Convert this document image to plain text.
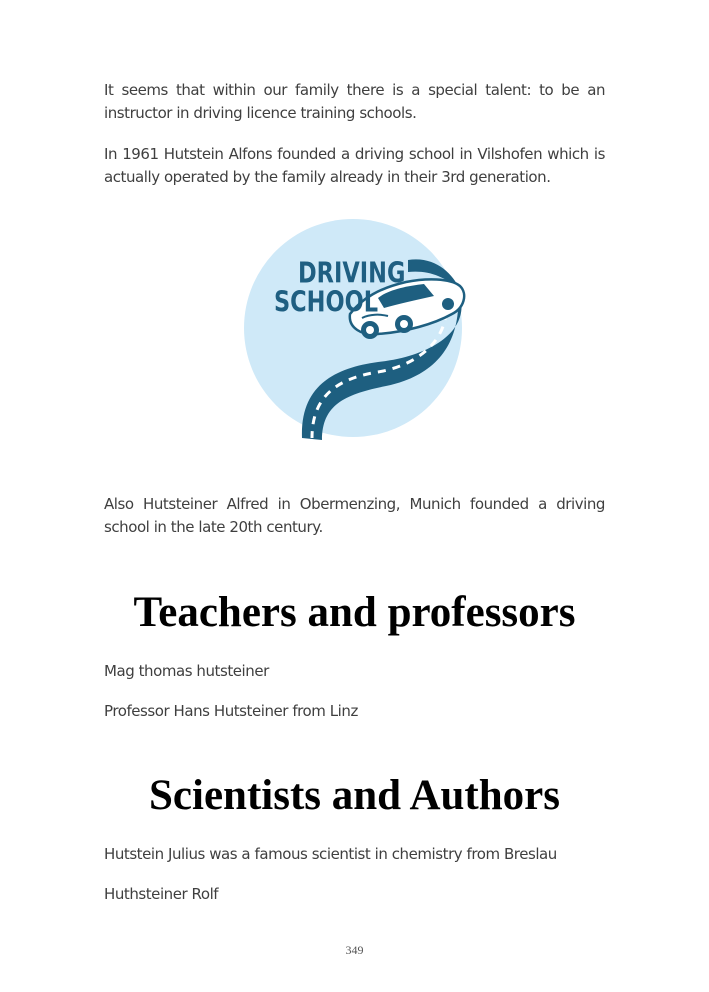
It seems that within our family there is a special talent: to be an instructor in driving licence training schools.

In 1961 Hutstein Alfons founded a driving school in Vilshofen which is actually operated by the family already in their 3rd generation.

DRIVING
SCHOOL

Also Hutsteiner Alfred in Obermenzing, Munich founded a driving school in the late 20th century.

Teachers and professors

Mag thomas hutsteiner

Professor Hans Hutsteiner from Linz

Scientists and Authors

Hutstein Julius was a famous scientist in chemistry from Breslau

Huthsteiner Rolf

349
